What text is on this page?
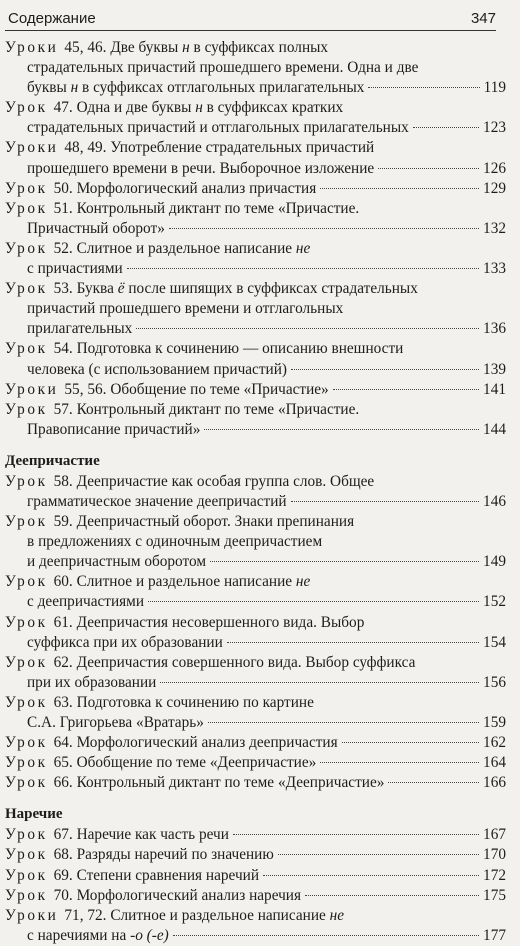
Содержание	347
Уроки 45, 46. Две буквы н в суффиксах полных
страдательных причастий прошедшего времени. Одна и две
буквы н в суффиксах отглагольных прилагательных	119
Урок 47. Одна и две буквы н в суффиксах кратких
страдательных причастий и отглагольных прилагательных	123
Уроки 48, 49. Употребление страдательных причастий
прошедшего времени в речи. Выборочное изложение	126
Урок 50. Морфологический анализ причастия	129
Урок 51. Контрольный диктант по теме «Причастие.
Причастный оборот»	132
Урок 52. Слитное и раздельное написание не
с причастиями	133
Урок 53. Буква ё после шипящих в суффиксах страдательных
причастий прошедшего времени и отглагольных
прилагательных	136
Урок 54. Подготовка к сочинению — описанию внешности
человека (с использованием причастий)	139
Уроки 55, 56. Обобщение по теме «Причастие»	141
Урок 57. Контрольный диктант по теме «Причастие.
Правописание причастий»	144
Деепричастие
Урок 58. Деепричастие как особая группа слов. Общее
грамматическое значение деепричастий	146
Урок 59. Деепричастный оборот. Знаки препинания
в предложениях с одиночным деепричастием
и деепричастным оборотом	149
Урок 60. Слитное и раздельное написание не
с деепричастиями	152
Урок 61. Деепричастия несовершенного вида. Выбор
суффикса при их образовании	154
Урок 62. Деепричастия совершенного вида. Выбор суффикса
при их образовании	156
Урок 63. Подготовка к сочинению по картине
С.А. Григорьева «Вратарь»	159
Урок 64. Морфологический анализ деепричастия	162
Урок 65. Обобщение по теме «Деепричастие»	164
Урок 66. Контрольный диктант по теме «Деепричастие»	166
Наречие
Урок 67. Наречие как часть речи	167
Урок 68. Разряды наречий по значению	170
Урок 69. Степени сравнения наречий	172
Урок 70. Морфологический анализ наречия	175
Уроки 71, 72. Слитное и раздельное написание не
с наречиями на -о (-е)	177
